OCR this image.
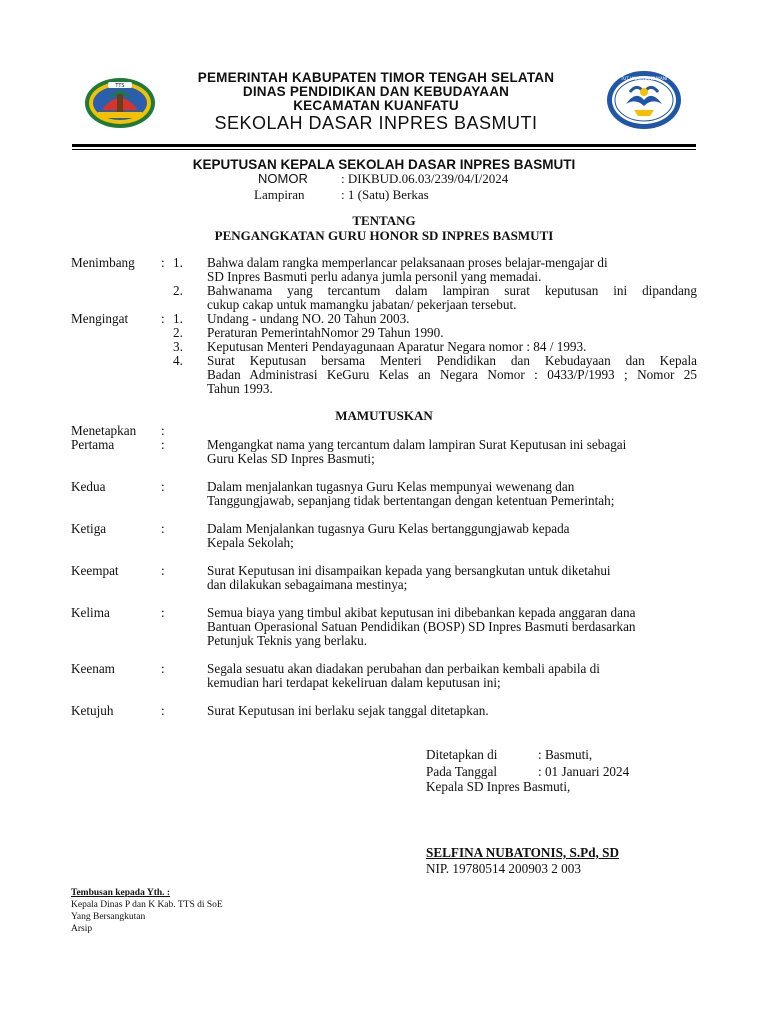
TTS
PEMERINTAH KABUPATEN TIMOR TENGAH SELATAN
DINAS PENDIDIKAN DAN KEBUDAYAAN
KECAMATAN KUANFATU
SEKOLAH DASAR INPRES BASMUTI
TUT WURI HANDAYANI
KEPUTUSAN KEPALA SEKOLAH DASAR INPRES BASMUTI
NOMOR	: DIKBUD.06.03/239/04/I/2024
Lampiran	: 1 (Satu) Berkas
TENTANG
PENGANGKATAN GURU HONOR SD INPRES BASMUTI
Menimbang : 1. Bahwa dalam rangka memperlancar pelaksanaan proses belajar-mengajar di
SD Inpres Basmuti perlu adanya jumla personil yang memadai.
2. Bahwanama yang tercantum dalam lampiran surat keputusan ini dipandang
cukup cakap untuk mamangku jabatan/ pekerjaan tersebut.
Mengingat : 1. Undang - undang NO. 20 Tahun 2003.
2. Peraturan PemerintahNomor 29 Tahun 1990.
3. Keputusan Menteri Pendayagunaan Aparatur Negara nomor : 84 / 1993.
4. Surat Keputusan bersama Menteri Pendidikan dan Kebudayaan dan Kepala
Badan Administrasi KeGuru Kelas an Negara Nomor : 0433/P/1993 ; Nomor 25
Tahun 1993.
MAMUTUSKAN
Menetapkan :
Pertama	:	Mengangkat nama yang tercantum dalam lampiran Surat Keputusan ini sebagai
Guru Kelas SD Inpres Basmuti;
Kedua	:	Dalam menjalankan tugasnya Guru Kelas mempunyai wewenang dan
Tanggungjawab, sepanjang tidak bertentangan dengan ketentuan Pemerintah;
Ketiga	:	Dalam Menjalankan tugasnya Guru Kelas bertanggungjawab kepada
Kepala Sekolah;
Keempat	:	Surat Keputusan ini disampaikan kepada yang bersangkutan untuk diketahui
dan dilakukan sebagaimana mestinya;
Kelima	:	Semua biaya yang timbul akibat keputusan ini dibebankan kepada anggaran dana
Bantuan Operasional Satuan Pendidikan (BOSP) SD Inpres Basmuti berdasarkan
Petunjuk Teknis yang berlaku.
Keenam	:	Segala sesuatu akan diadakan perubahan dan perbaikan kembali apabila di
kemudian hari terdapat kekeliruan dalam keputusan ini;
Ketujuh	:	Surat Keputusan ini berlaku sejak tanggal ditetapkan.
Ditetapkan di	: Basmuti,
Pada Tanggal	: 01 Januari 2024
Kepala SD Inpres Basmuti,
SELFINA NUBATONIS, S.Pd, SD
NIP. 19780514 200903 2 003
Tembusan kepada Yth. :
Kepala Dinas P dan K Kab. TTS di SoE
Yang Bersangkutan
Arsip
